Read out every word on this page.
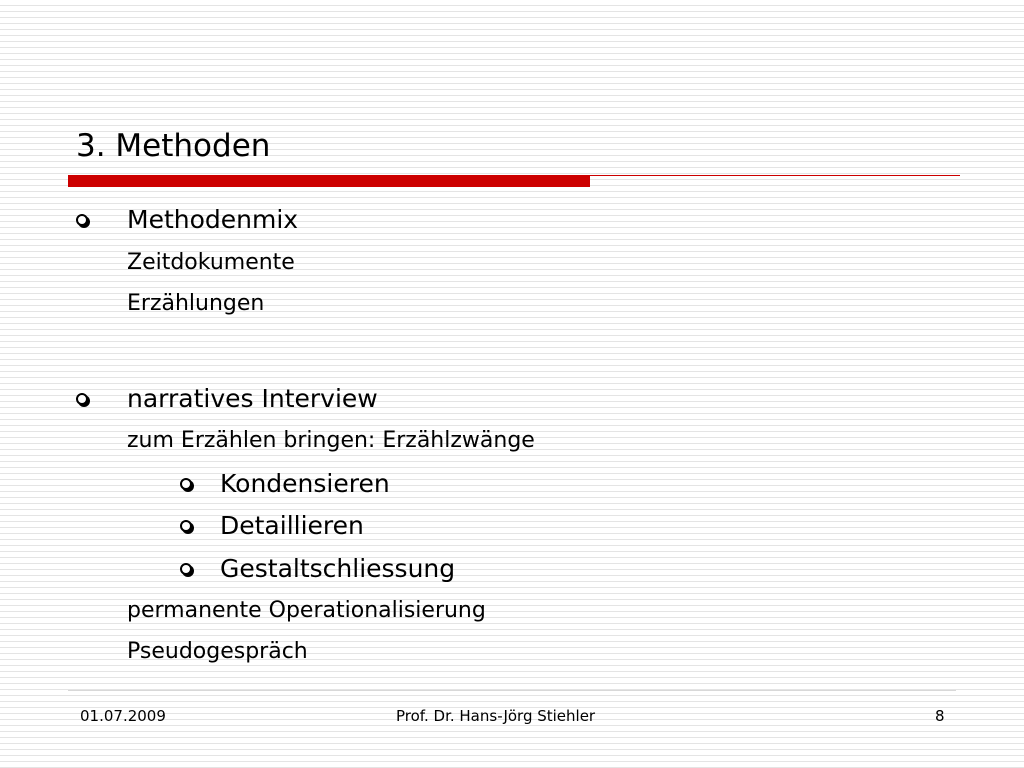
3. Methoden
Methodenmix
Zeitdokumente
Erzählungen
narratives Interview
zum Erzählen bringen: Erzählzwänge
Kondensieren
Detaillieren
Gestaltschliessung
permanente Operationalisierung
Pseudogespräch
01.07.2009	Prof. Dr. Hans-Jörg Stiehler	8
